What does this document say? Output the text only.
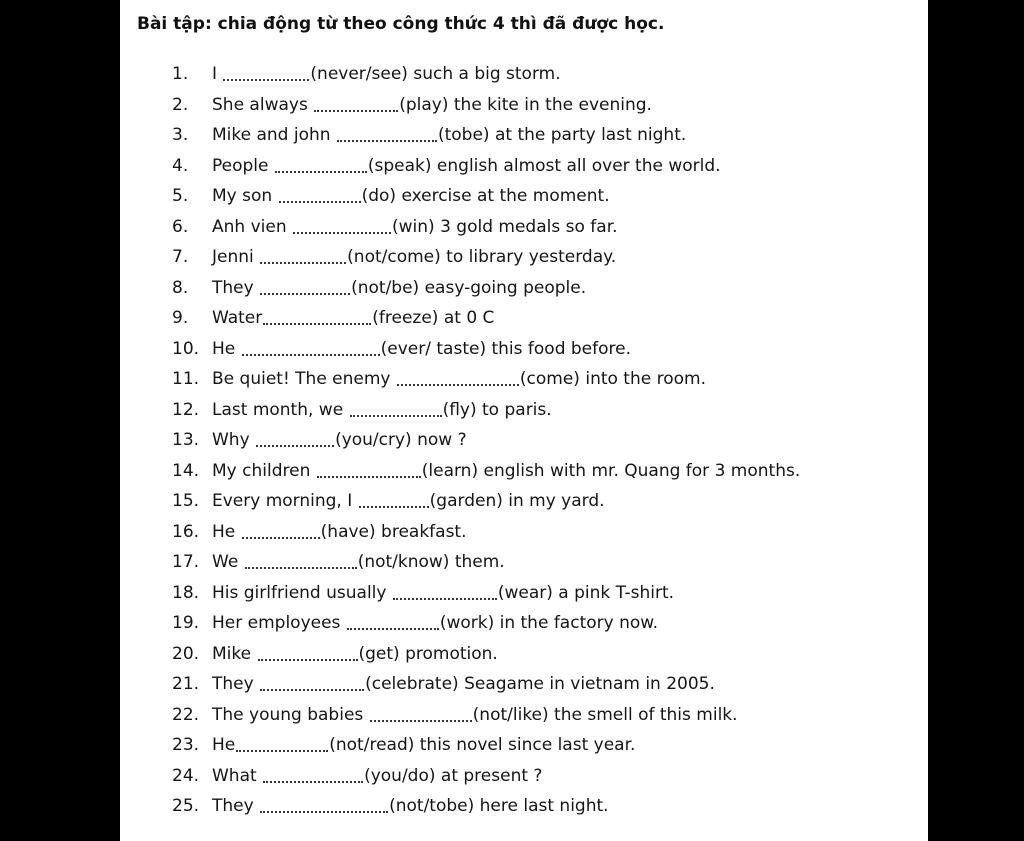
Bài tập: chia động từ theo công thức 4 thì đã được học.
1. I	(never/see) such a big storm.
2. She always	(play) the kite in the evening.
3. Mike and john	(tobe) at the party last night.
4. People	(speak) english almost all over the world.
5. My son	(do) exercise at the moment.
6. Anh vien	(win) 3 gold medals so far.
7. Jenni	(not/come) to library yesterday.
8. They	(not/be) easy-going people.
9. Water	(freeze) at 0 C
10. He	(ever/ taste) this food before.
11. Be quiet! The enemy	(come) into the room.
12. Last month, we	(fly) to paris.
13. Why	(you/cry) now ?
14. My children	(learn) english with mr. Quang for 3 months.
15. Every morning, I	(garden) in my yard.
16. He	(have) breakfast.
17. We	(not/know) them.
18. His girlfriend usually	(wear) a pink T-shirt.
19. Her employees	(work) in the factory now.
20. Mike	(get) promotion.
21. They	(celebrate) Seagame in vietnam in 2005.
22. The young babies	(not/like) the smell of this milk.
23. He	(not/read) this novel since last year.
24. What	(you/do) at present ?
25. They	(not/tobe) here last night.
